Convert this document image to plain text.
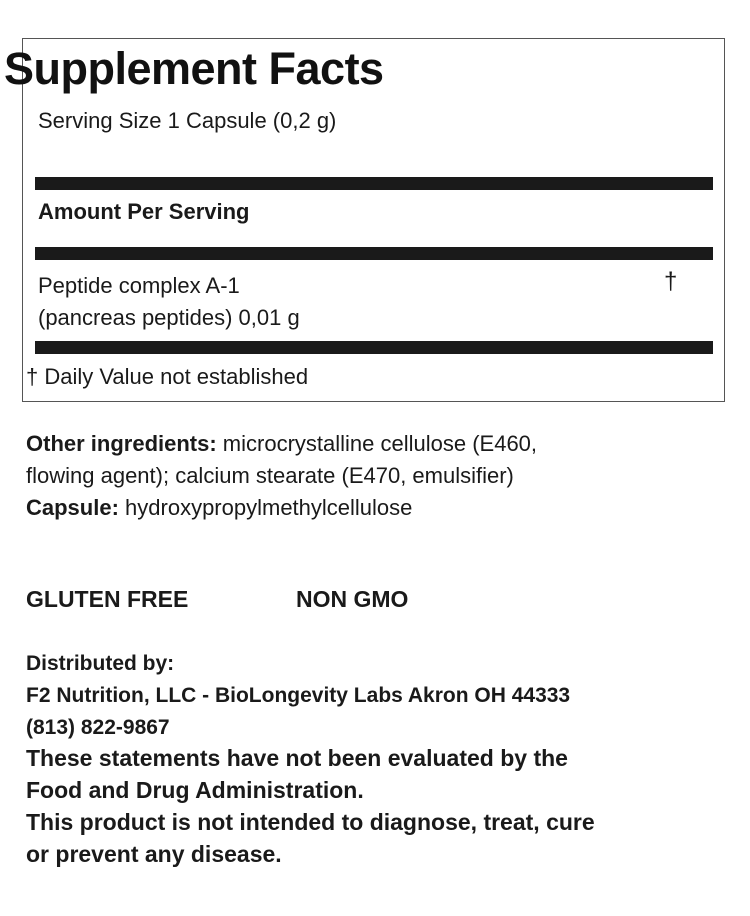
Supplement Facts
Serving Size 1 Capsule (0,2 g)
Amount Per Serving
Peptide complex A-1
(pancreas peptides) 0,01 g
†
† Daily Value not established
Other ingredients: microcrystalline cellulose (E460,
flowing agent); calcium stearate (E470, emulsifier)
Capsule: hydroxypropylmethylcellulose
GLUTEN FREE	NON GMO
Distributed by:
F2 Nutrition, LLC - BioLongevity Labs Akron OH 44333
(813) 822-9867
These statements have not been evaluated by the
Food and Drug Administration.
This product is not intended to diagnose, treat, cure
or prevent any disease.
